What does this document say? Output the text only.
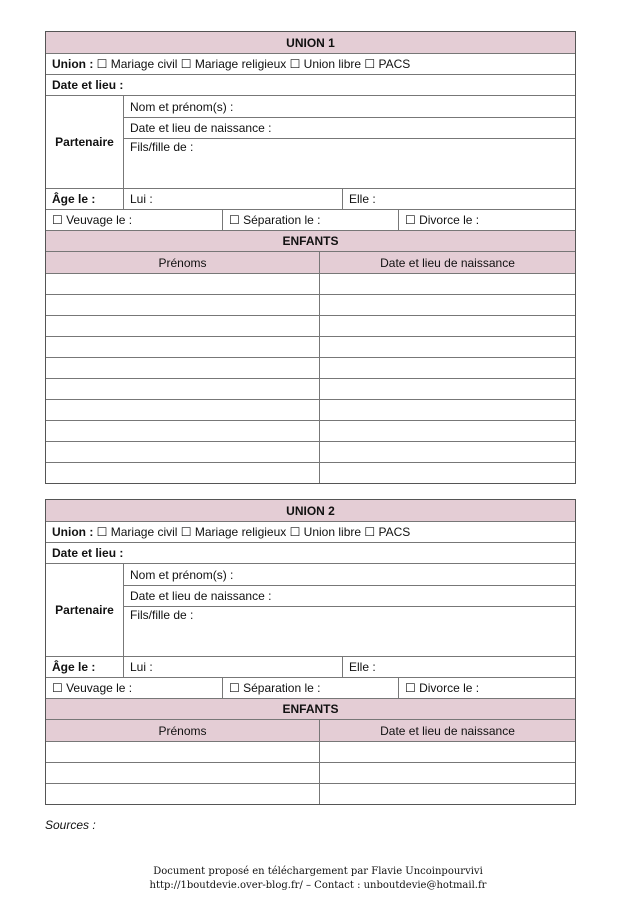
UNION 1
Union :
☐ Mariage civil ☐ Mariage religieux ☐ Union libre ☐ PACS
Date et lieu :
Partenaire
Nom et prénom(s) :
Date et lieu de naissance :
Fils/fille de :
Âge le :	Lui :	Elle :
☐ Veuvage le :	☐ Séparation le :	☐ Divorce le :
ENFANTS
Prénoms	Date et lieu de naissance
UNION 2
Union :
☐ Mariage civil ☐ Mariage religieux ☐ Union libre ☐ PACS
Date et lieu :
Partenaire
Nom et prénom(s) :
Date et lieu de naissance :
Fils/fille de :
Âge le :	Lui :	Elle :
☐ Veuvage le :	☐ Séparation le :	☐ Divorce le :
ENFANTS
Prénoms	Date et lieu de naissance
Sources :
Document proposé en téléchargement par Flavie Uncoinpourvivi
http://1boutdevie.over-blog.fr/ – Contact : unboutdevie@hotmail.fr
